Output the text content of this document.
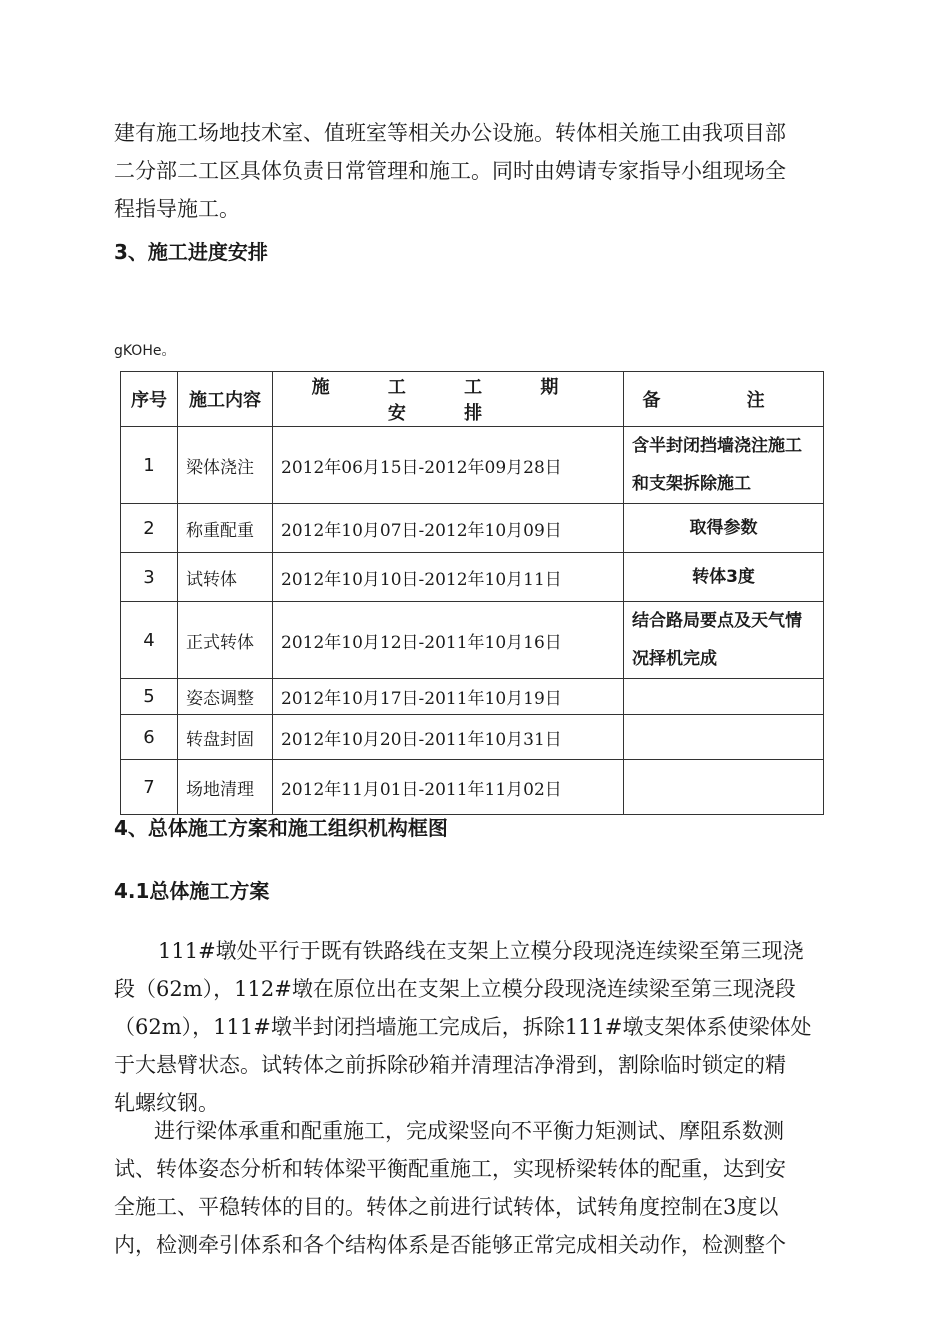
建有施工场地技术室、值班室等相关办公设施。转体相关施工由我项目部
二分部二工区具体负责日常管理和施工。同时由娉请专家指导小组现场全
程指导施工。
3、施工进度安排
gKOHe。
序号	施工内容	施 工 工 期 安 排	备 注
1	梁体浇注	2012年06月15日-2012年09月28日	含半封闭挡墙浇注施工和支架拆除施工
2	称重配重	2012年10月07日-2012年10月09日	取得参数
3	试转体	2012年10月10日-2012年10月11日	转体3度
4	正式转体	2012年10月12日-2011年10月16日	结合路局要点及天气情况择机完成
5	姿态调整	2012年10月17日-2011年10月19日	
6	转盘封固	2012年10月20日-2011年10月31日	
7	场地清理	2012年11月01日-2011年11月02日	
4、总体施工方案和施工组织机构框图
4.1总体施工方案
111#墩处平行于既有铁路线在支架上立模分段现浇连续梁至第三现浇
段（62m），112#墩在原位出在支架上立模分段现浇连续梁至第三现浇段
（62m），111#墩半封闭挡墙施工完成后，拆除111#墩支架体系使梁体处
于大悬臂状态。试转体之前拆除砂箱并清理洁净滑到，割除临时锁定的精
轧螺纹钢。
进行梁体承重和配重施工，完成梁竖向不平衡力矩测试、摩阻系数测
试、转体姿态分析和转体梁平衡配重施工，实现桥梁转体的配重，达到安
全施工、平稳转体的目的。转体之前进行试转体，试转角度控制在3度以
内，检测牵引体系和各个结构体系是否能够正常完成相关动作，检测整个
